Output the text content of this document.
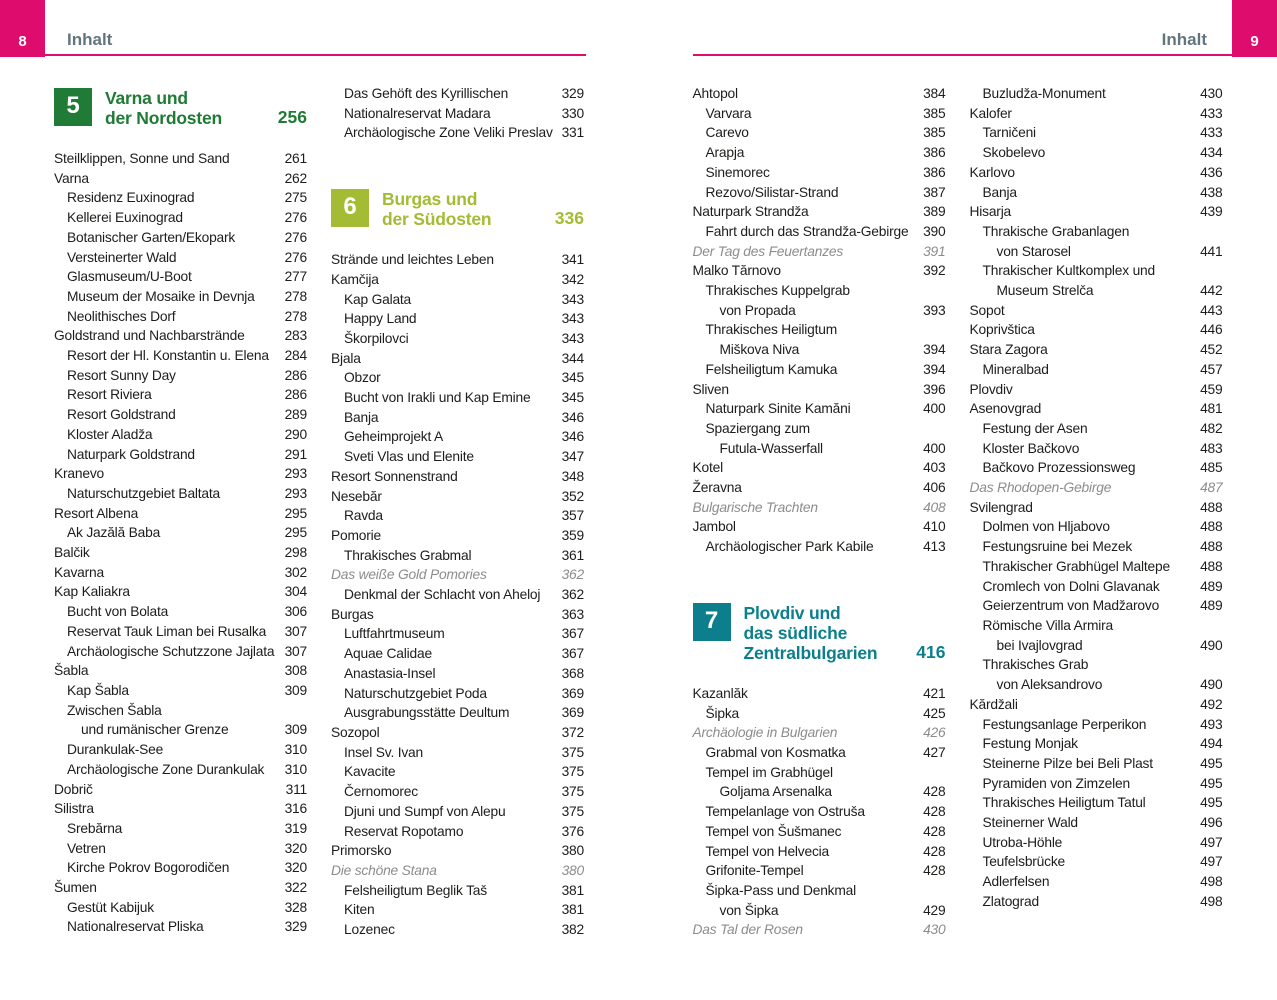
8 Inhalt
5	Varna und
der Nordosten	256
Steilklippen, Sonne und Sand	261
Varna	262
Residenz Euxinograd	275
Kellerei Euxinograd	276
Botanischer Garten/Ekopark	276
Versteinerter Wald	276
Glasmuseum/U-Boot	277
Museum der Mosaike in Devnja	278
Neolithisches Dorf	278
Goldstrand und Nachbarstrände	283
Resort der Hl. Konstantin u. Elena	284
Resort Sunny Day	286
Resort Riviera	286
Resort Goldstrand	289
Kloster Aladža	290
Naturpark Goldstrand	291
Kranevo	293
Naturschutzgebiet Baltata	293
Resort Albena	295
Ak Jazălă Baba	295
Balčik	298
Kavarna	302
Kap Kaliakra	304
Bucht von Bolata	306
Reservat Tauk Liman bei Rusalka	307
Archäologische Schutzzone Jajlata 307
Šabla	308
Kap Šabla	309
Zwischen Šabla
und rumänischer Grenze	309
Durankulak-See	310
Archäologische Zone Durankulak	310
Dobrič	311
Silistra	316
Srebărna	319
Vetren	320
Kirche Pokrov Bogorodičen	320
Šumen	322
Gestüt Kabijuk	328
Nationalreservat Pliska	329
Das Gehöft des Kyrillischen	329
Nationalreservat Madara	330
Archäologische Zone Veliki Preslav 331
6	Burgas und
der Südosten	336
Strände und leichtes Leben	341
Kamčija	342
Kap Galata	343
Happy Land	343
Škorpilovci	343
Bjala	344
Obzor	345
Bucht von Irakli und Kap Emine	345
Banja	346
Geheimprojekt A	346
Sveti Vlas und Elenite	347
Resort Sonnenstrand	348
Nesebăr	352
Ravda	357
Pomorie	359
Thrakisches Grabmal	361
Das weiße Gold Pomories	362
Denkmal der Schlacht von Aheloj	362
Burgas	363
Luftfahrtmuseum	367
Aquae Calidae	367
Anastasia-Insel	368
Naturschutzgebiet Poda	369
Ausgrabungsstätte Deultum	369
Sozopol	372
Insel Sv. Ivan	375
Kavacite	375
Černomorec	375
Djuni und Sumpf von Alepu	375
Reservat Ropotamo	376
Primorsko	380
Die schöne Stana	380
Felsheiligtum Beglik Taš	381
Kiten	381
Lozenec	382
Inhalt	9
Ahtopol	384
Varvara	385
Carevo	385
Arapja	386
Sinemorec	386
Rezovo/Silistar-Strand	387
Naturpark Strandža	389
Fahrt durch das Strandža-Gebirge	390
Der Tag des Feuertanzes	391
Malko Tărnovo	392
Thrakisches Kuppelgrab
von Propada	393
Thrakisches Heiligtum
Miškova Niva	394
Felsheiligtum Kamuka	394
Sliven	396
Naturpark Sinite Kamăni	400
Spaziergang zum
Futula-Wasserfall	400
Kotel	403
Žeravna	406
Bulgarische Trachten	408
Jambol	410
Archäologischer Park Kabile	413
7	Plovdiv und
das südliche
Zentralbulgarien	416
Kazanlăk	421
Šipka	425
Archäologie in Bulgarien	426
Grabmal von Kosmatka	427
Tempel im Grabhügel
Goljama Arsenalka	428
Tempelanlage von Ostruša	428
Tempel von Šušmanec	428
Tempel von Helvecia	428
Grifonite-Tempel	428
Šipka-Pass und Denkmal
von Šipka	429
Das Tal der Rosen	430
Buzludža-Monument	430
Kalofer	433
Tarničeni	433
Skobelevo	434
Karlovo	436
Banja	438
Hisarja	439
Thrakische Grabanlagen
von Starosel	441
Thrakischer Kultkomplex und
Museum Strelča	442
Sopot	443
Koprivštica	446
Stara Zagora	452
Mineralbad	457
Plovdiv	459
Asenovgrad	481
Festung der Asen	482
Kloster Bačkovo	483
Bačkovo Prozessionsweg	485
Das Rhodopen-Gebirge	487
Svilengrad	488
Dolmen von Hljabovo	488
Festungsruine bei Mezek	488
Thrakischer Grabhügel Maltepe	488
Cromlech von Dolni Glavanak	489
Geierzentrum von Madžarovo	489
Römische Villa Armira
bei Ivajlovgrad	490
Thrakisches Grab
von Aleksandrovo	490
Kărdžali	492
Festungsanlage Perperikon	493
Festung Monjak	494
Steinerne Pilze bei Beli Plast	495
Pyramiden von Zimzelen	495
Thrakisches Heiligtum Tatul	495
Steinerner Wald	496
Utroba-Höhle	497
Teufelsbrücke	497
Adlerfelsen	498
Zlatograd	498
